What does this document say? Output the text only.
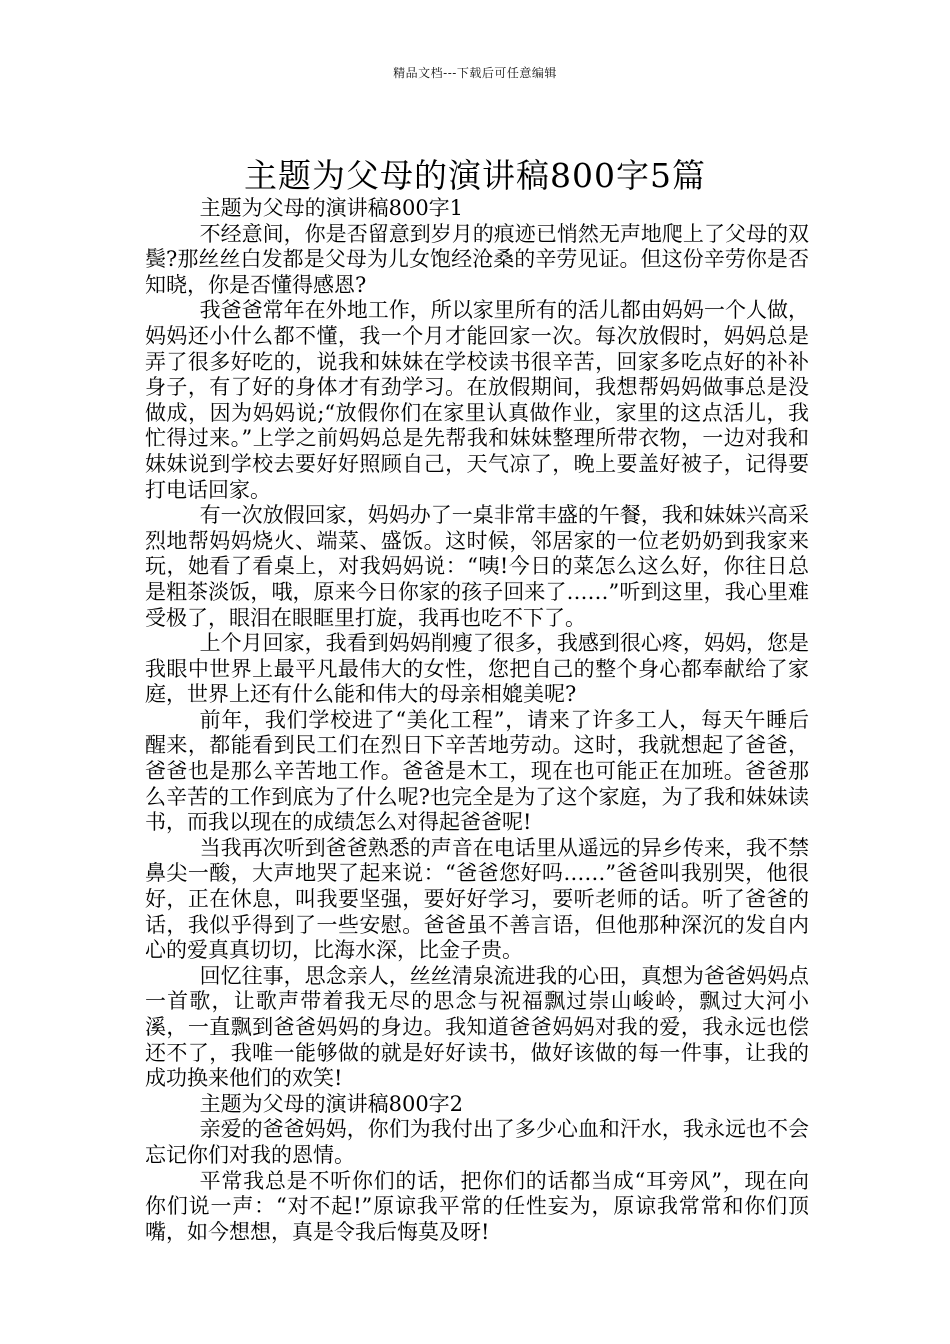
精品文档---下载后可任意编辑
主题为父母的演讲稿800字5篇

主题为父母的演讲稿800字1

不经意间，你是否留意到岁月的痕迹已悄然无声地爬上了父母的双鬓?那丝丝白发都是父母为儿女饱经沧桑的辛劳见证。但这份辛劳你是否知晓，你是否懂得感恩?

我爸爸常年在外地工作，所以家里所有的活儿都由妈妈一个人做，妈妈还小什么都不懂，我一个月才能回家一次。每次放假时，妈妈总是弄了很多好吃的，说我和妹妹在学校读书很辛苦，回家多吃点好的补补身子，有了好的身体才有劲学习。在放假期间，我想帮妈妈做事总是没做成，因为妈妈说;“放假你们在家里认真做作业，家里的这点活儿，我忙得过来。”上学之前妈妈总是先帮我和妹妹整理所带衣物，一边对我和妹妹说到学校去要好好照顾自己，天气凉了，晚上要盖好被子，记得要打电话回家。

有一次放假回家，妈妈办了一桌非常丰盛的午餐，我和妹妹兴高采烈地帮妈妈烧火、端菜、盛饭。这时候，邻居家的一位老奶奶到我家来玩，她看了看桌上，对我妈妈说：“咦!今日的菜怎么这么好，你往日总是粗茶淡饭，哦，原来今日你家的孩子回来了……”听到这里，我心里难受极了，眼泪在眼眶里打旋，我再也吃不下了。

上个月回家，我看到妈妈削瘦了很多，我感到很心疼，妈妈，您是我眼中世界上最平凡最伟大的女性，您把自己的整个身心都奉献给了家庭，世界上还有什么能和伟大的母亲相媲美呢?

前年，我们学校进了“美化工程”，请来了许多工人，每天午睡后醒来，都能看到民工们在烈日下辛苦地劳动。这时，我就想起了爸爸，爸爸也是那么辛苦地工作。爸爸是木工，现在也可能正在加班。爸爸那么辛苦的工作到底为了什么呢?也完全是为了这个家庭，为了我和妹妹读书，而我以现在的成绩怎么对得起爸爸呢!

当我再次听到爸爸熟悉的声音在电话里从遥远的异乡传来，我不禁鼻尖一酸，大声地哭了起来说：“爸爸您好吗……”爸爸叫我别哭，他很好，正在休息，叫我要坚强，要好好学习，要听老师的话。听了爸爸的话，我似乎得到了一些安慰。爸爸虽不善言语，但他那种深沉的发自内心的爱真真切切，比海水深，比金子贵。

回忆往事，思念亲人，丝丝清泉流进我的心田，真想为爸爸妈妈点一首歌，让歌声带着我无尽的思念与祝福飘过崇山峻岭，飘过大河小溪，一直飘到爸爸妈妈的身边。我知道爸爸妈妈对我的爱，我永远也偿还不了，我唯一能够做的就是好好读书，做好该做的每一件事，让我的成功换来他们的欢笑!

主题为父母的演讲稿800字2

亲爱的爸爸妈妈，你们为我付出了多少心血和汗水，我永远也不会忘记你们对我的恩情。

平常我总是不听你们的话，把你们的话都当成“耳旁风”，现在向你们说一声：“对不起!”原谅我平常的任性妄为，原谅我常常和你们顶嘴，如今想想，真是令我后悔莫及呀!
